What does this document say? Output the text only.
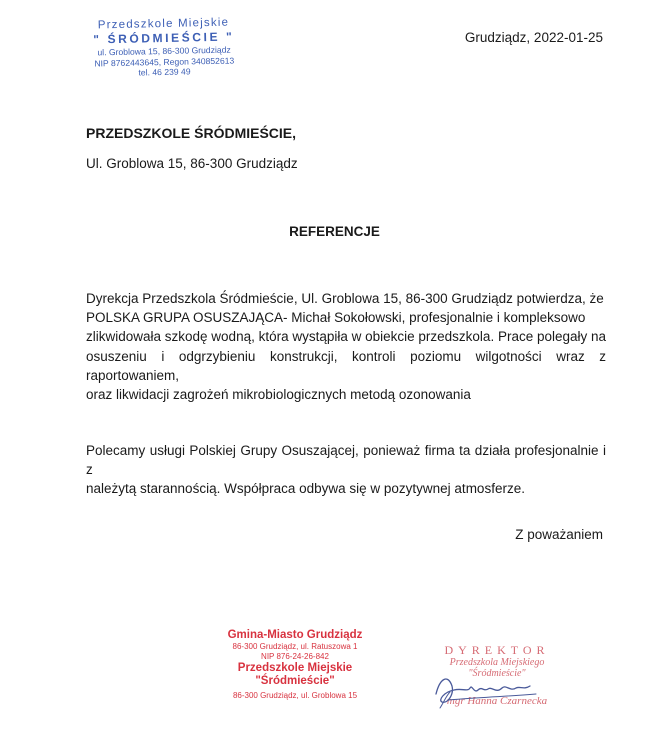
Przedszkole Miejskie
" ŚRÓDMIEŚCIE "
ul. Groblowa 15, 86-300 Grudziądz
NIP 8762443645, Regon 340852613
tel. 46 239 49
Grudziądz, 2022-01-25
PRZEDSZKOLE ŚRÓDMIEŚCIE,
Ul. Groblowa 15, 86-300 Grudziądz
REFERENCJE
Dyrekcja Przedszkola Śródmieście, Ul. Groblowa 15, 86-300 Grudziądz potwierdza, że
POLSKA GRUPA OSUSZAJĄCA- Michał Sokołowski, profesjonalnie i kompleksowo
zlikwidowała szkodę wodną, która wystąpiła w obiekcie przedszkola. Prace polegały na
osuszeniu i odgrzybieniu konstrukcji, kontroli poziomu wilgotności wraz z raportowaniem,
oraz likwidacji zagrożeń mikrobiologicznych metodą ozonowania
Polecamy usługi Polskiej Grupy Osuszającej, ponieważ firma ta działa profesjonalnie i z
należytą starannością. Współpraca odbywa się w pozytywnej atmosferze.
Z poważaniem
Gmina-Miasto Grudziądz
86-300 Grudziądz, ul. Ratuszowa 1
NIP 876-24-26-842
Przedszkole Miejskie
"Śródmieście"
86-300 Grudziądz, ul. Groblowa 15
DYREKTOR
Przedszkola Miejskiego
"Śródmieście"
mgr Hanna Czarnecka
